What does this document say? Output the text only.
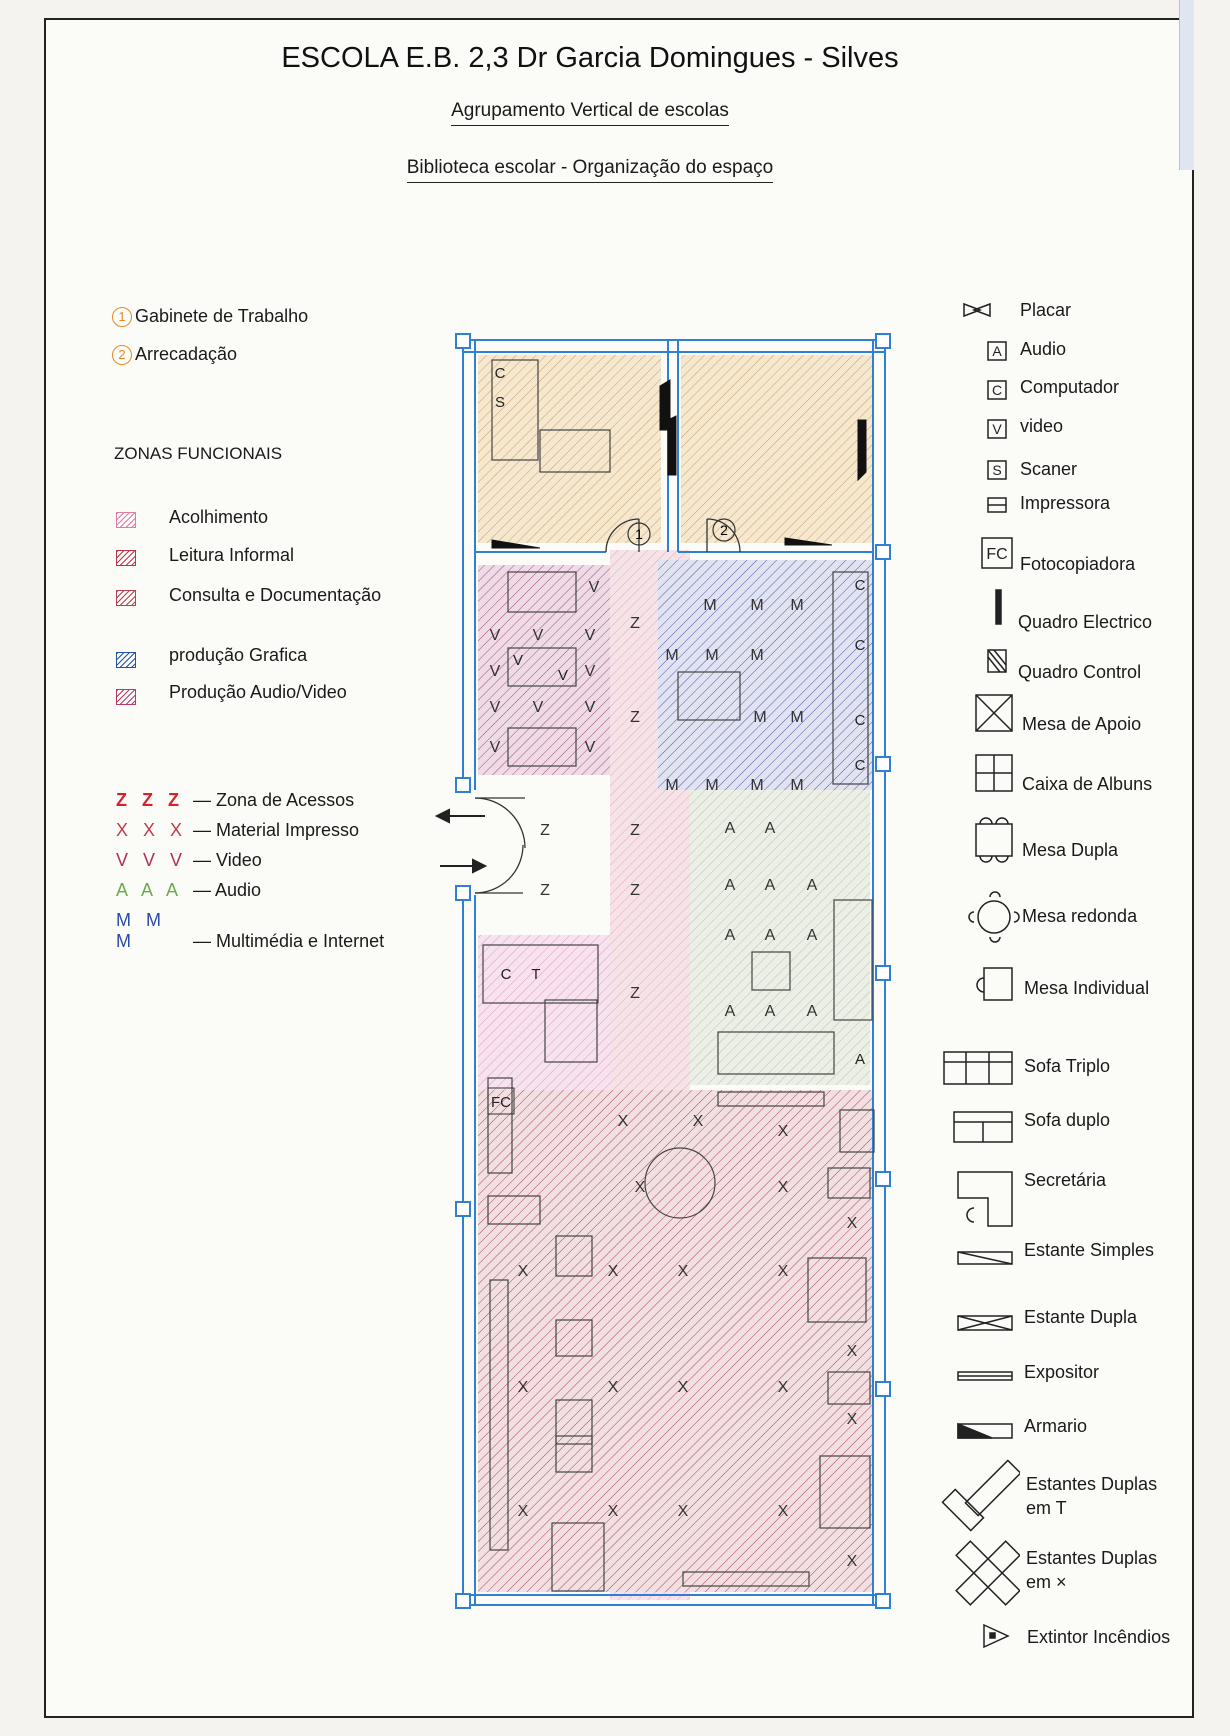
ESCOLA E.B. 2,3 Dr Garcia Domingues - Silves
Agrupamento Vertical de escolas
Biblioteca escolar - Organização do espaço
1 Gabinete de Trabalho
2 Arrecadação
ZONAS FUNCIONAIS
Acolhimento
Leitura Informal
Consulta e Documentação
produção Grafica
Produção Audio/Video
Z Z Z — Zona de Acessos
X X X — Material Impresso
V V V — Video
A A A — Audio
M M M	— Multimédia e Internet
1	2
Z
Z
Z	Z
Z	Z
Z
A A
A A A
A A A
A A A
M M M
M M M
M M
M M M M
V
V V	V
V	V
V V	V
V	V
X	X
X
X	X
X
X	X	X	X
X
X	X	X	X
X
X	X	X	X
X
FC
C
S
C T
A
V
V
C
C
C
C
A
C
V
S
FC
Placar
Audio
Computador
video
Scaner
Impressora
Fotocopiadora
Quadro Electrico
Quadro Control
Mesa de Apoio
Caixa de Albuns
Mesa Dupla
Mesa redonda
Mesa Individual
Sofa Triplo
Sofa duplo
Secretária
Estante Simples
Estante Dupla
Expositor
Armario
Estantes Duplas
em T
Estantes Duplas
em ×
Extintor Incêndios
